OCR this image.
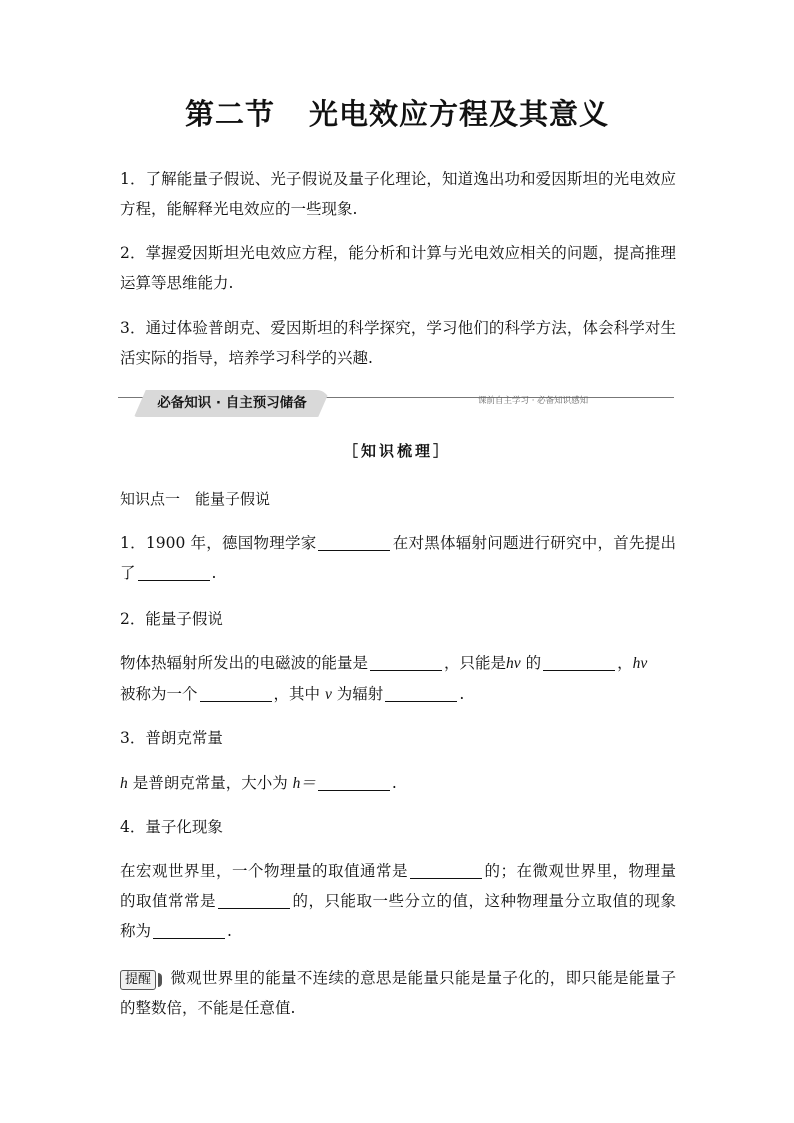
第二节 光电效应方程及其意义
1．了解能量子假说、光子假说及量子化理论，知道逸出功和爱因斯坦的光电效应方程，能解释光电效应的一些现象.
2．掌握爱因斯坦光电效应方程，能分析和计算与光电效应相关的问题，提高推理运算等思维能力.
3．通过体验普朗克、爱因斯坦的科学探究，学习他们的科学方法，体会科学对生活实际的指导，培养学习科学的兴趣.
必备知识 · 自主预习储备	课前自主学习 · 必备知识感知
［知识梳理］
知识点一　能量子假说
1．1900 年，德国物理学家	在对黑体辐射问题进行研究中，首先提出了	.
2．能量子假说
物体热辐射所发出的电磁波的能量是	，只能是hν 的	，hν
被称为一个	，其中 ν 为辐射	.
3．普朗克常量
h 是普朗克常量，大小为 h＝	.
4．量子化现象
在宏观世界里，一个物理量的取值通常是	的；在微观世界里，物理量的取值常常是	的，只能取一些分立的值，这种物理量分立取值的现象称为	.
提醒 微观世界里的能量不连续的意思是能量只能是量子化的，即只能是能量子的整数倍，不能是任意值.
